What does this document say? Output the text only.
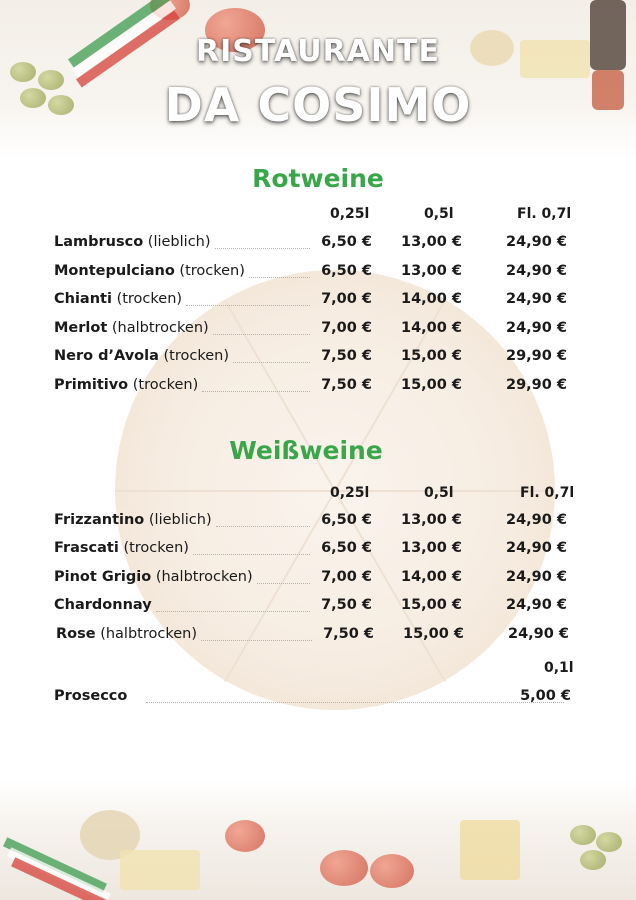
RISTAURANTE
DA COSIMO
Rotweine
0,25l	0,5l	Fl. 0,7l
Lambrusco (lieblich)	6,50 €	13,00 €	24,90 €
Montepulciano (trocken)	6,50 €	13,00 €	24,90 €
Chianti (trocken)	7,00 €	14,00 €	24,90 €
Merlot (halbtrocken)	7,00 €	14,00 €	24,90 €
Nero d’Avola (trocken)	7,50 €	15,00 €	29,90 €
Primitivo (trocken)	7,50 €	15,00 €	29,90 €
Weißweine
0,25l	0,5l	Fl. 0,7l
Frizzantino (lieblich)	6,50 €	13,00 €	24,90 €
Frascati (trocken)	6,50 €	13,00 €	24,90 €
Pinot Grigio (halbtrocken)	7,00 €	14,00 €	24,90 €
Chardonnay	7,50 €	15,00 €	24,90 €
Rose (halbtrocken)	7,50 €	15,00 €	24,90 €
0,1l
Prosecco	5,00 €
